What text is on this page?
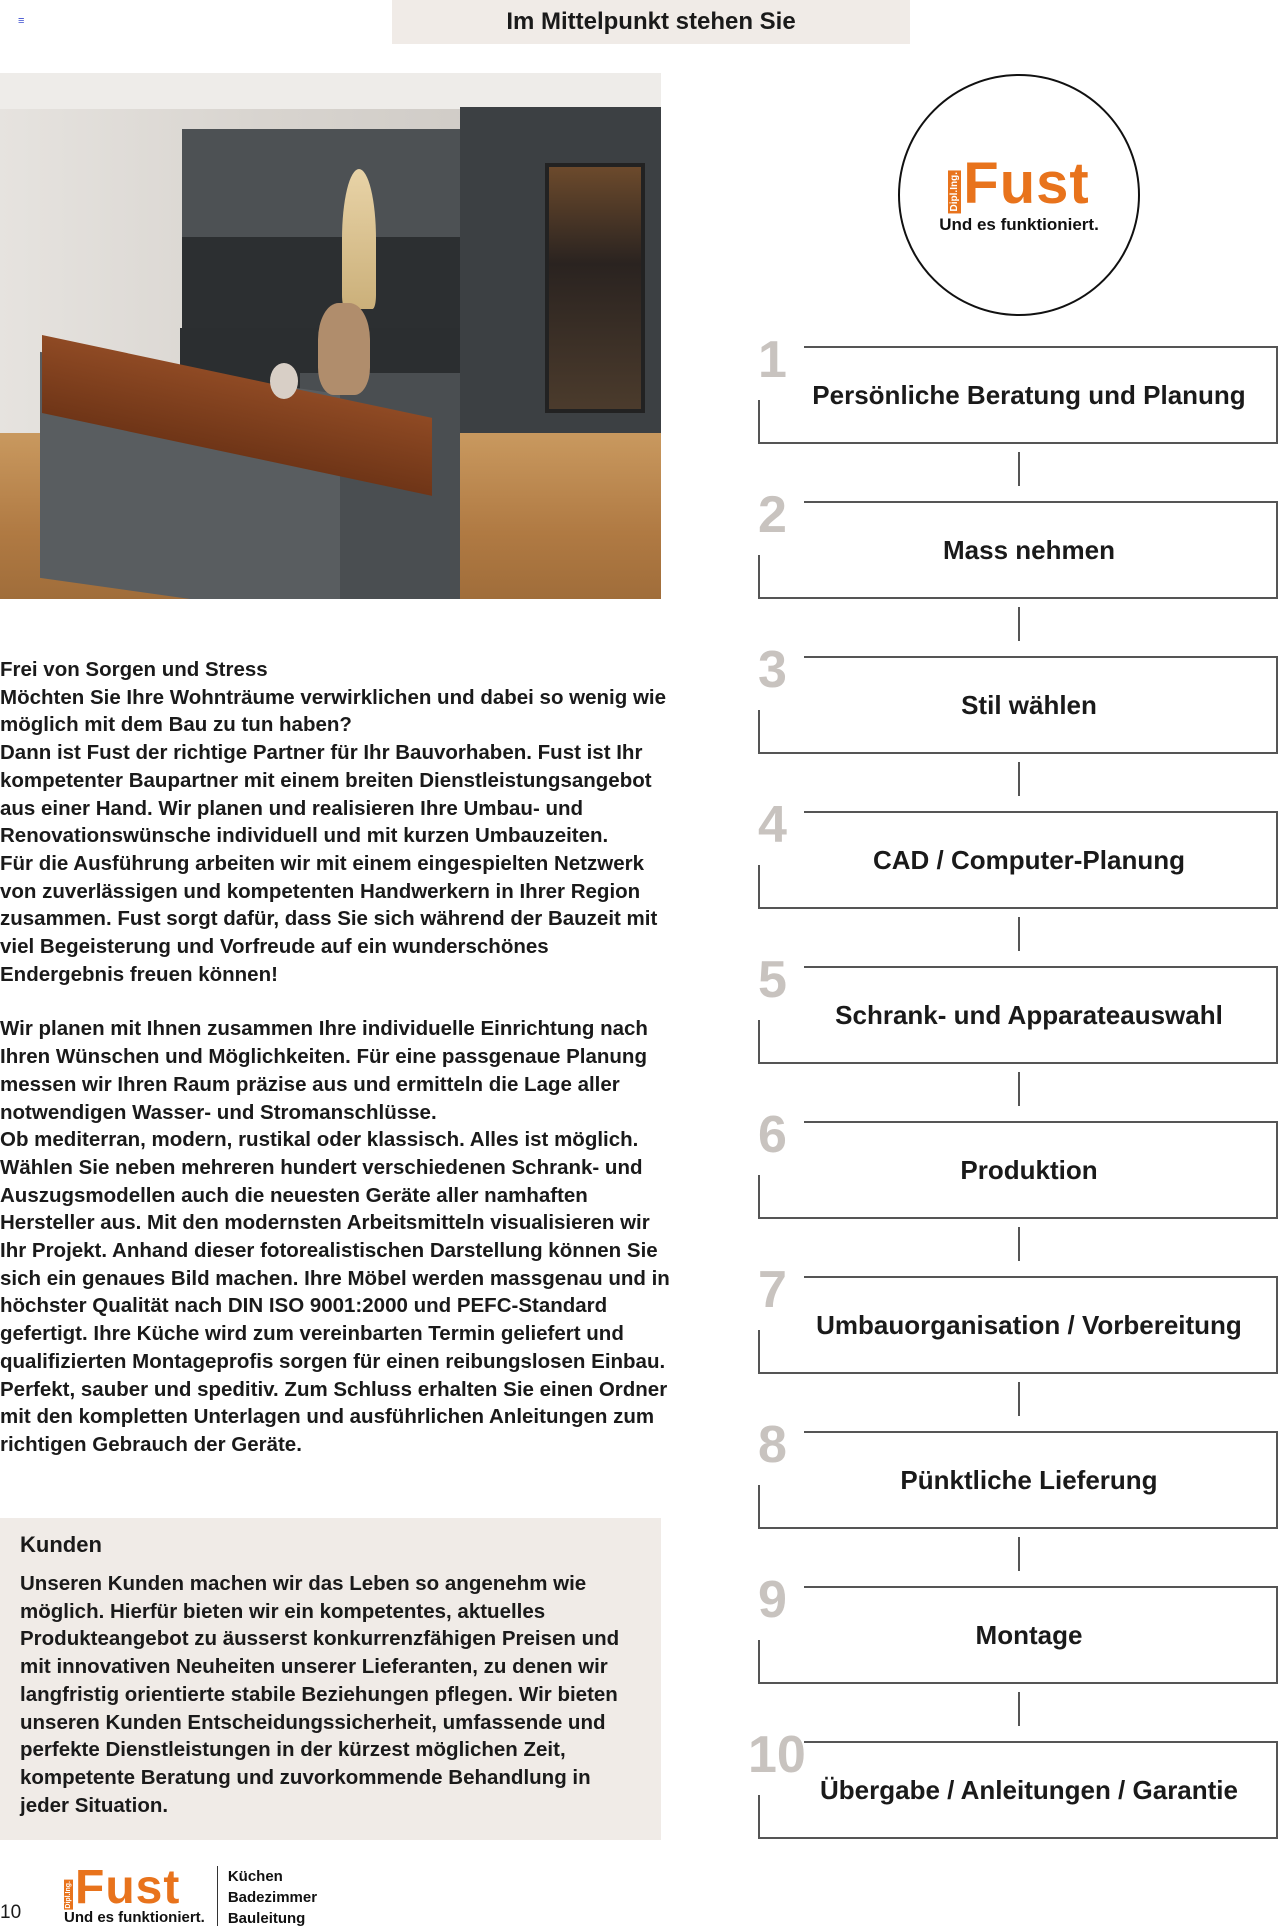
≡	Im Mittelpunkt stehen Sie
Dipl.Ing. Fust
Und es funktioniert.
1
Persönliche Beratung und Planung
2
Mass nehmen
3
Stil wählen
4
CAD / Computer-Planung
5
Schrank- und Apparateauswahl
6
Produktion
7
Umbauorganisation / Vorbereitung
8
Pünktliche Lieferung
9
Montage
10
Übergabe / Anleitungen / Garantie

Frei von Sorgen und Stress

Möchten Sie Ihre Wohnträume verwirklichen und dabei so wenig wie möglich mit dem Bau zu tun haben?

Dann ist Fust der richtige Partner für Ihr Bauvorhaben. Fust ist Ihr kompetenter Baupartner mit einem breiten Dienstleistungsangebot aus einer Hand. Wir planen und realisieren Ihre Umbau- und Renovationswünsche individuell und mit kurzen Umbauzeiten.

Für die Ausführung arbeiten wir mit einem eingespielten Netzwerk von zuverlässigen und kompetenten Handwerkern in Ihrer Region zusammen. Fust sorgt dafür, dass Sie sich während der Bauzeit mit viel Begeisterung und Vorfreude auf ein wunderschönes Endergebnis freuen können!

Wir planen mit Ihnen zusammen Ihre individuelle Einrichtung nach Ihren Wünschen und Möglichkeiten. Für eine passgenaue Planung messen wir Ihren Raum präzise aus und ermitteln die Lage aller notwendigen Wasser- und Stromanschlüsse.

Ob mediterran, modern, rustikal oder klassisch. Alles ist möglich. Wählen Sie neben mehreren hundert verschiedenen Schrank- und Auszugsmodellen auch die neuesten Geräte aller namhaften Hersteller aus. Mit den modernsten Arbeitsmitteln visualisieren wir Ihr Projekt. Anhand dieser fotorealistischen Darstellung können Sie sich ein genaues Bild machen. Ihre Möbel werden massgenau und in höchster Qualität nach DIN ISO 9001:2000 und PEFC-Standard gefertigt. Ihre Küche wird zum vereinbarten Termin geliefert und qualifizierten Montageprofis sorgen für einen reibungslosen Einbau. Perfekt, sauber und speditiv. Zum Schluss erhalten Sie einen Ordner mit den kompletten Unterlagen und ausführlichen Anleitungen zum richtigen Gebrauch der Geräte.

Kunden

Unseren Kunden machen wir das Leben so angenehm wie möglich. Hierfür bieten wir ein kompetentes, aktuelles Produkteangebot zu äusserst konkurrenzfähigen Preisen und mit innovativen Neuheiten unserer Lieferanten, zu denen wir langfristig orientierte stabile Beziehungen pflegen. Wir bieten unseren Kunden Entscheidungssicherheit, umfassende und perfekte Dienstleistungen in der kürzest möglichen Zeit, kompetente Beratung und zuvorkommende Behandlung in jeder Situation.

10
Dipl.Ing. Fust
Und es funktioniert.
Küchen
Badezimmer
Bauleitung
